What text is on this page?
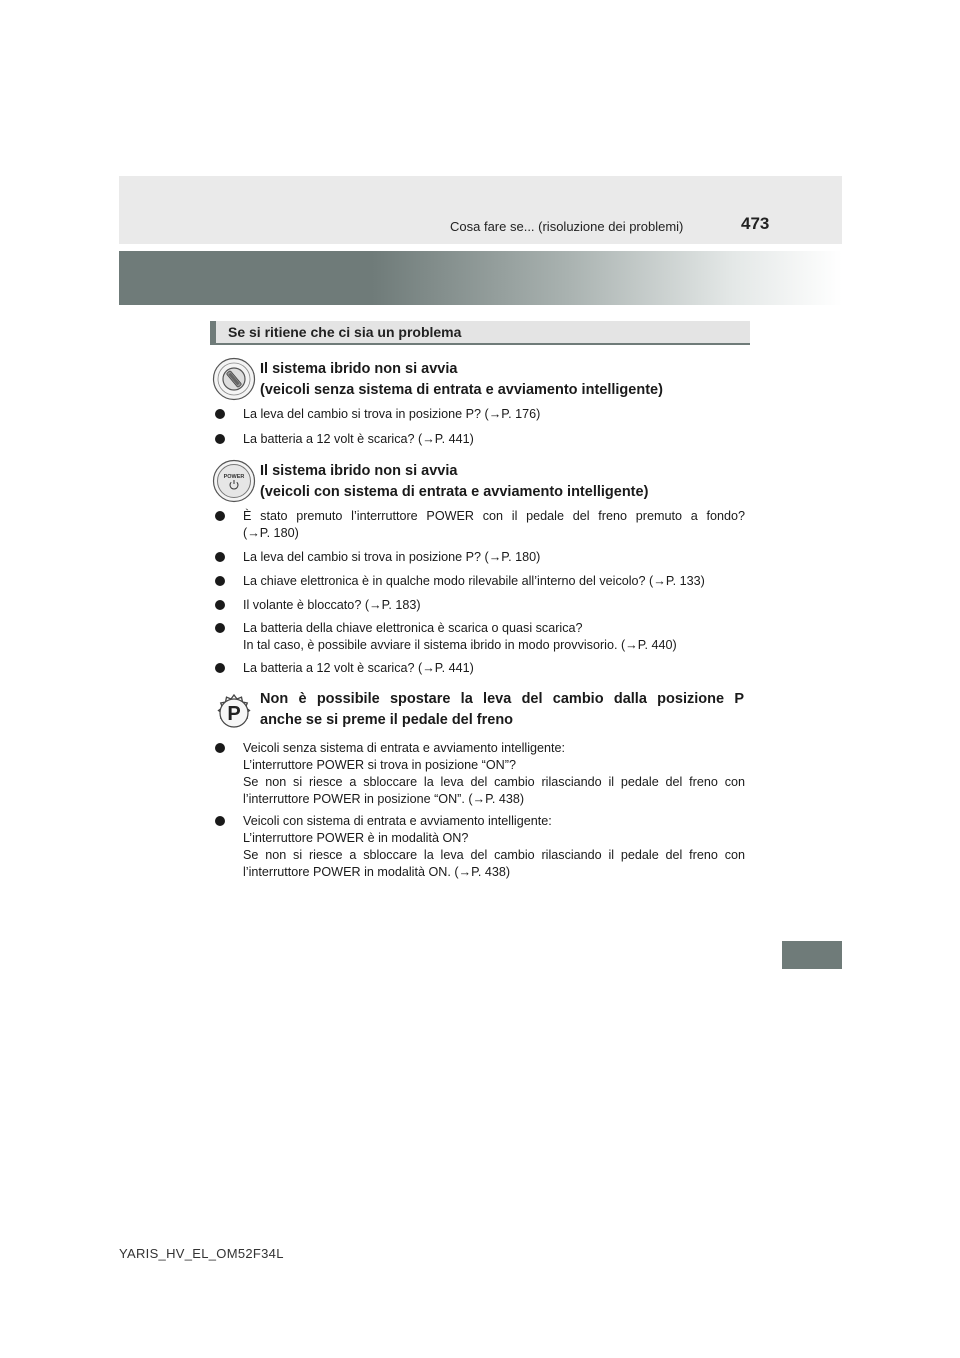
Cosa fare se... (risoluzione dei problemi)	473
Se si ritiene che ci sia un problema
Il sistema ibrido non si avvia
(veicoli senza sistema di entrata e avviamento intelligente)
La leva del cambio si trova in posizione P? (→P. 176)
La batteria a 12 volt è scarica? (→P. 441)
POWER Il sistema ibrido non si avvia
(veicoli con sistema di entrata e avviamento intelligente)
È stato premuto l’interruttore POWER con il pedale del freno premuto a fondo?
(→P. 180)
La leva del cambio si trova in posizione P? (→P. 180)
La chiave elettronica è in qualche modo rilevabile all’interno del veicolo? (→P. 133)
Il volante è bloccato? (→P. 183)
La batteria della chiave elettronica è scarica o quasi scarica?
In tal caso, è possibile avviare il sistema ibrido in modo provvisorio. (→P. 440)
La batteria a 12 volt è scarica? (→P. 441)
P
Non è possibile spostare la leva del cambio dalla posizione P
anche se si preme il pedale del freno
Veicoli senza sistema di entrata e avviamento intelligente:
L’interruttore POWER si trova in posizione “ON”?
Se non si riesce a sbloccare la leva del cambio rilasciando il pedale del freno con
l’interruttore POWER in posizione “ON”. (→P. 438)
Veicoli con sistema di entrata e avviamento intelligente:
L’interruttore POWER è in modalità ON?
Se non si riesce a sbloccare la leva del cambio rilasciando il pedale del freno con
l’interruttore POWER in modalità ON. (→P. 438)
YARIS_HV_EL_OM52F34L
